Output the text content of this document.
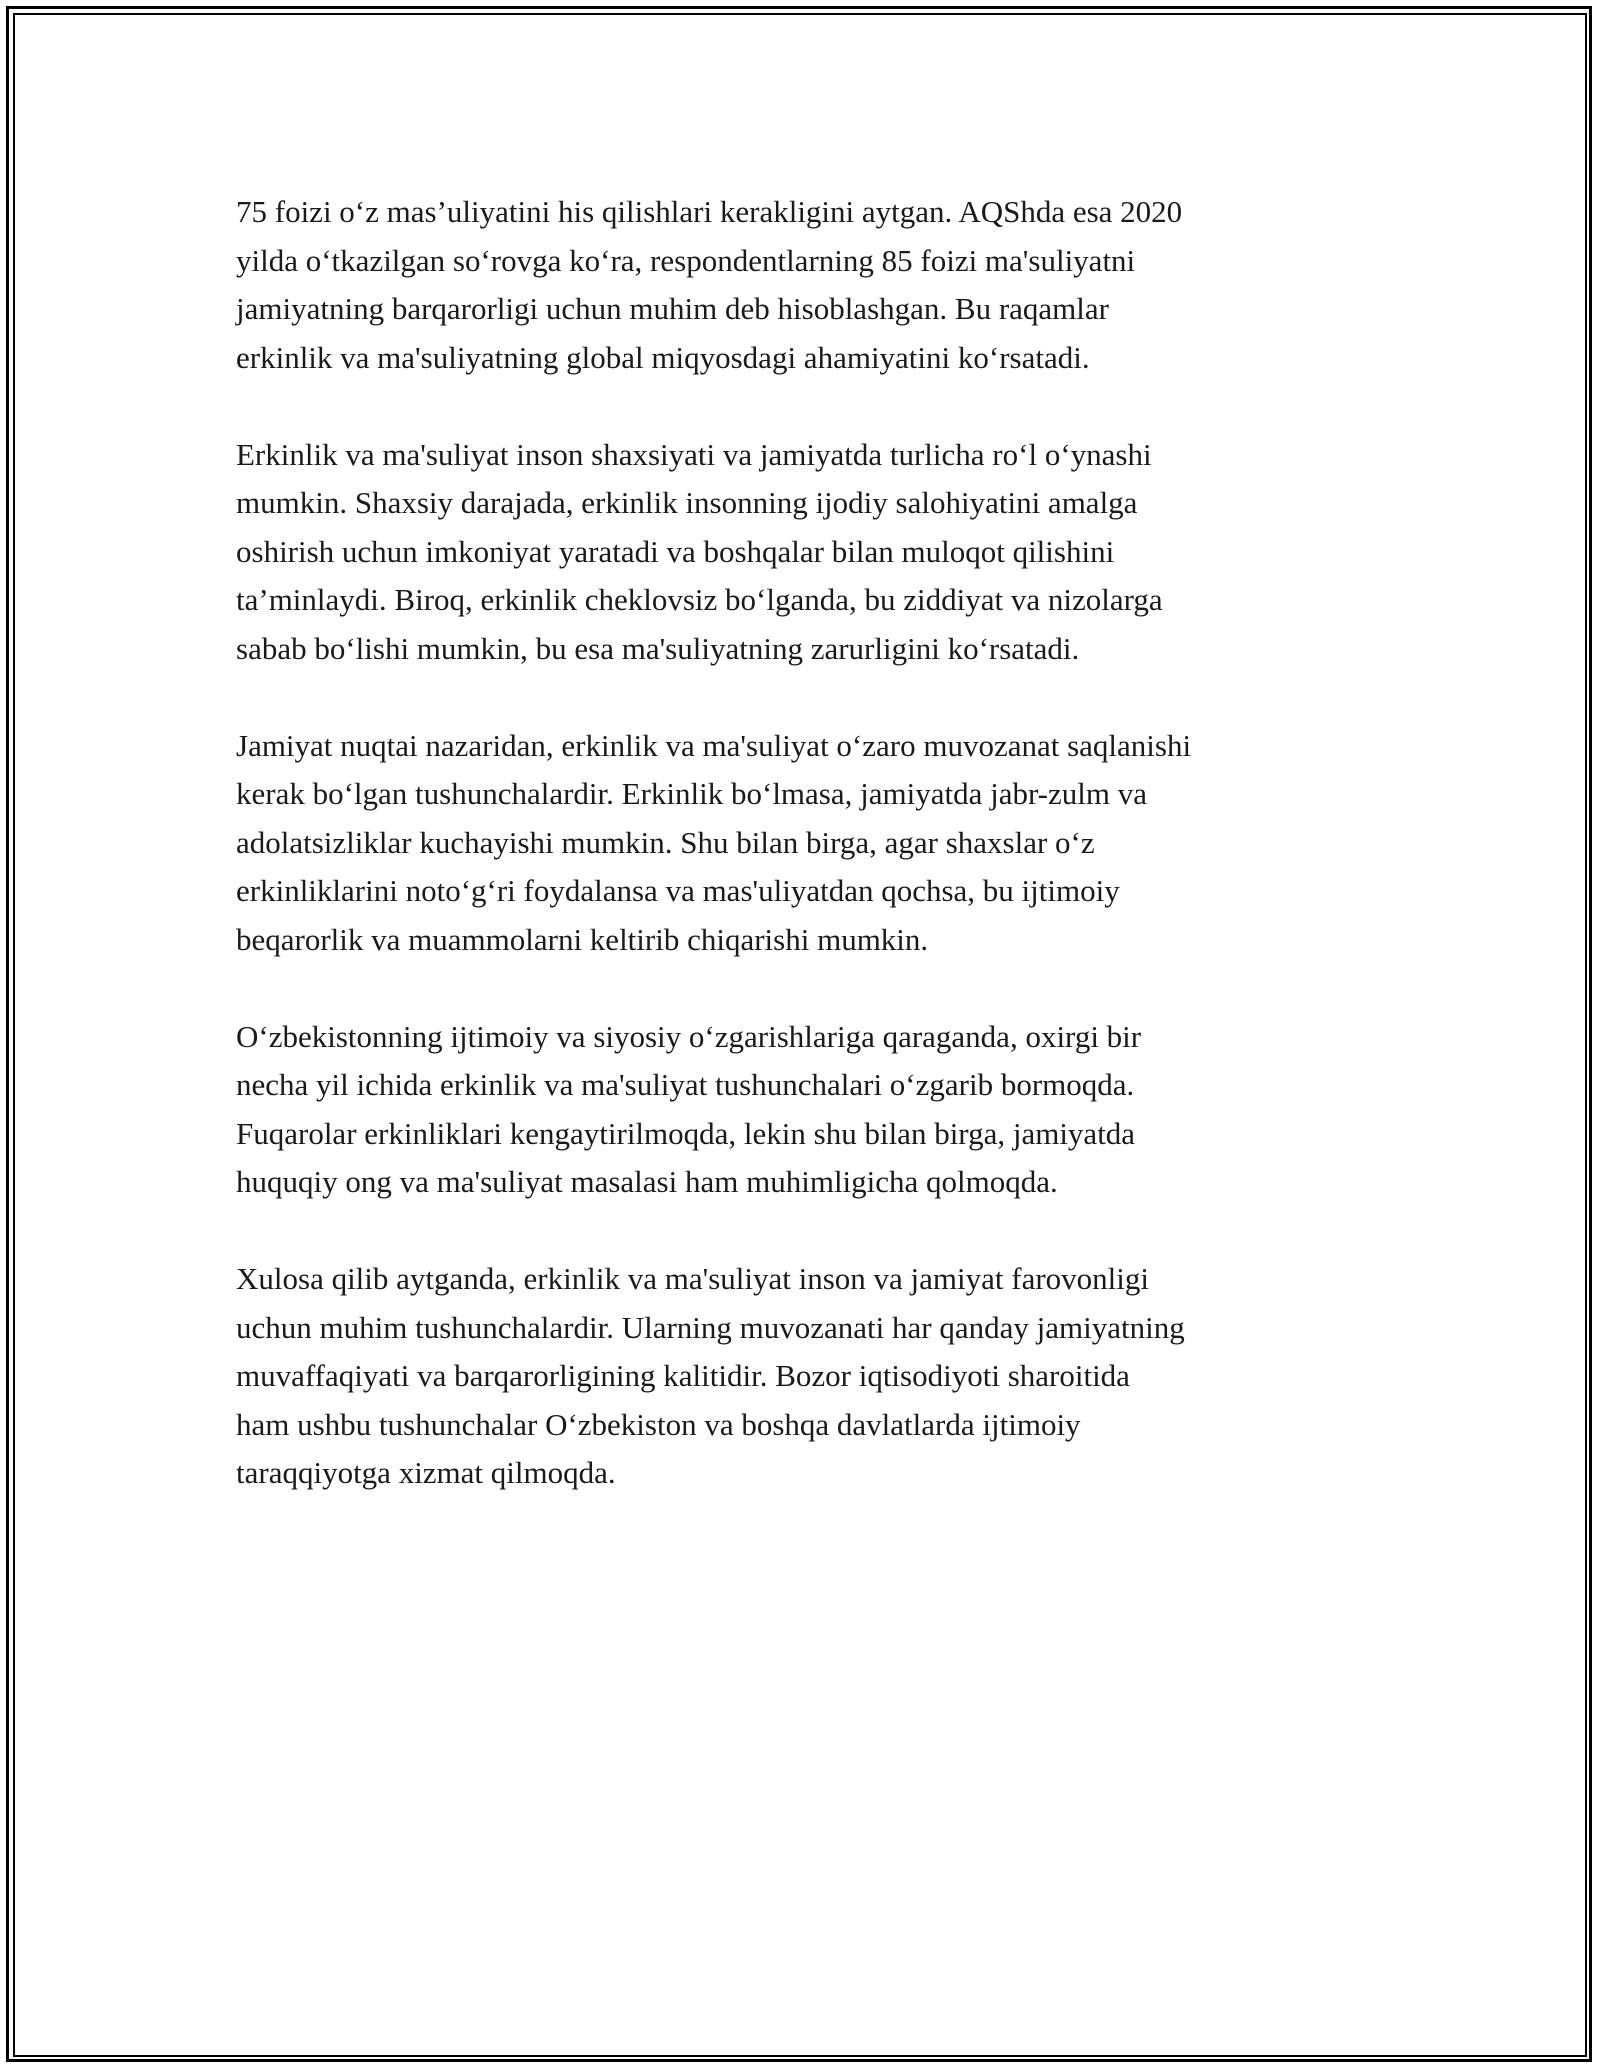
75 foizi o‘z mas’uliyatini his qilishlari kerakligini aytgan. AQShda esa 2020
yilda o‘tkazilgan so‘rovga ko‘ra, respondentlarning 85 foizi ma'suliyatni
jamiyatning barqarorligi uchun muhim deb hisoblashgan. Bu raqamlar
erkinlik va ma'suliyatning global miqyosdagi ahamiyatini ko‘rsatadi.

Erkinlik va ma'suliyat inson shaxsiyati va jamiyatda turlicha ro‘l o‘ynashi
mumkin. Shaxsiy darajada, erkinlik insonning ijodiy salohiyatini amalga
oshirish uchun imkoniyat yaratadi va boshqalar bilan muloqot qilishini
ta’minlaydi. Biroq, erkinlik cheklovsiz bo‘lganda, bu ziddiyat va nizolarga
sabab bo‘lishi mumkin, bu esa ma'suliyatning zarurligini ko‘rsatadi.

Jamiyat nuqtai nazaridan, erkinlik va ma'suliyat o‘zaro muvozanat saqlanishi
kerak bo‘lgan tushunchalardir. Erkinlik bo‘lmasa, jamiyatda jabr-zulm va
adolatsizliklar kuchayishi mumkin. Shu bilan birga, agar shaxslar o‘z
erkinliklarini noto‘g‘ri foydalansa va mas'uliyatdan qochsa, bu ijtimoiy
beqarorlik va muammolarni keltirib chiqarishi mumkin.

O‘zbekistonning ijtimoiy va siyosiy o‘zgarishlariga qaraganda, oxirgi bir
necha yil ichida erkinlik va ma'suliyat tushunchalari o‘zgarib bormoqda.
Fuqarolar erkinliklari kengaytirilmoqda, lekin shu bilan birga, jamiyatda
huquqiy ong va ma'suliyat masalasi ham muhimligicha qolmoqda.

Xulosa qilib aytganda, erkinlik va ma'suliyat inson va jamiyat farovonligi
uchun muhim tushunchalardir. Ularning muvozanati har qanday jamiyatning
muvaffaqiyati va barqarorligining kalitidir. Bozor iqtisodiyoti sharoitida
ham ushbu tushunchalar O‘zbekiston va boshqa davlatlarda ijtimoiy
taraqqiyotga xizmat qilmoqda.
